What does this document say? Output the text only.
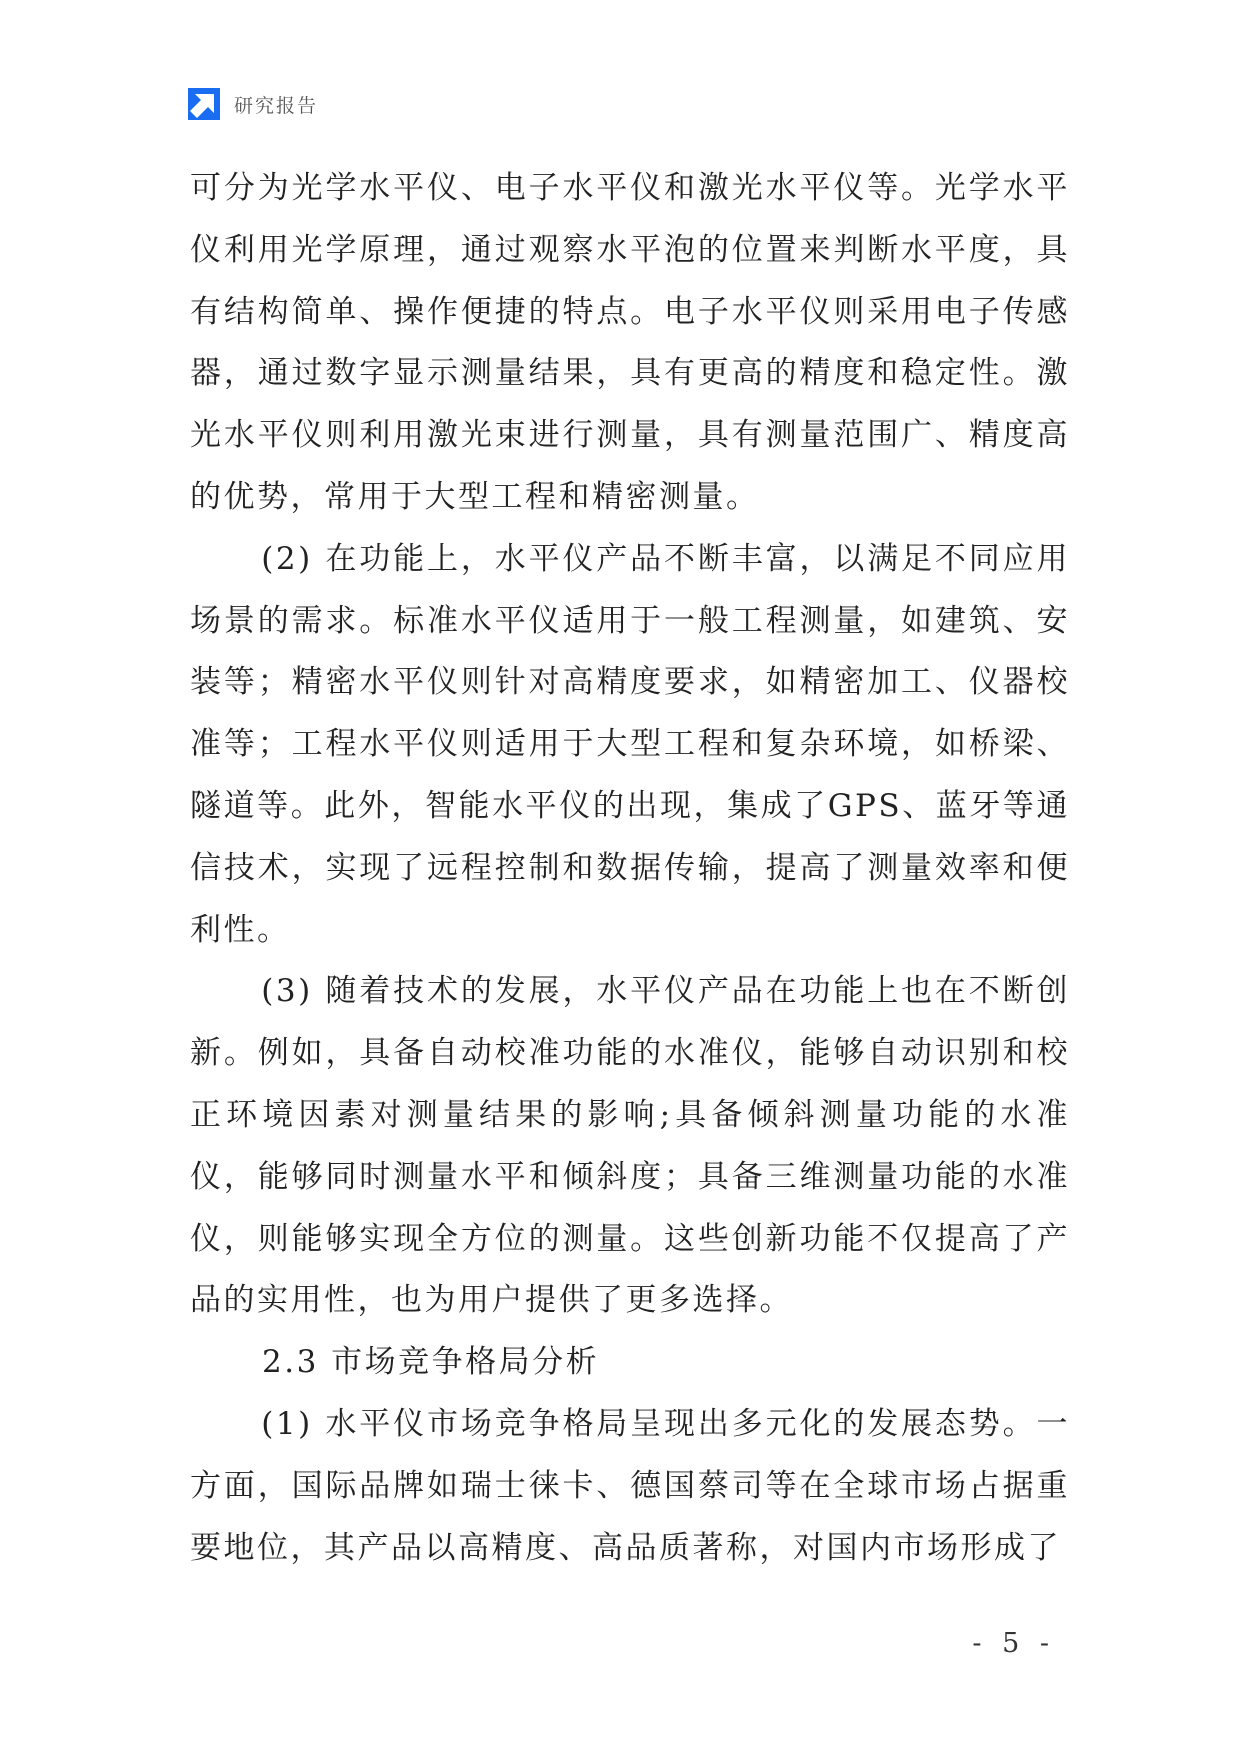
研究报告

可分为光学水平仪、电子水平仪和激光水平仪等。光学水平仪利用光学原理，通过观察水平泡的位置来判断水平度，具有结构简单、操作便捷的特点。电子水平仪则采用电子传感器，通过数字显示测量结果，具有更高的精度和稳定性。激光水平仪则利用激光束进行测量，具有测量范围广、精度高的优势，常用于大型工程和精密测量。

(2) 在功能上，水平仪产品不断丰富，以满足不同应用场景的需求。标准水平仪适用于一般工程测量，如建筑、安装等；精密水平仪则针对高精度要求，如精密加工、仪器校准等；工程水平仪则适用于大型工程和复杂环境，如桥梁、隧道等。此外，智能水平仪的出现，集成了GPS、蓝牙等通信技术，实现了远程控制和数据传输，提高了测量效率和便利性。

(3) 随着技术的发展，水平仪产品在功能上也在不断创新。例如，具备自动校准功能的水准仪，能够自动识别和校正环境因素对测量结果的影响;具备倾斜测量功能的水准仪，能够同时测量水平和倾斜度；具备三维测量功能的水准仪，则能够实现全方位的测量。这些创新功能不仅提高了产品的实用性，也为用户提供了更多选择。

2.3 市场竞争格局分析

(1) 水平仪市场竞争格局呈现出多元化的发展态势。一方面，国际品牌如瑞士徕卡、德国蔡司等在全球市场占据重要地位，其产品以高精度、高品质著称，对国内市场形成了

- 5 -
